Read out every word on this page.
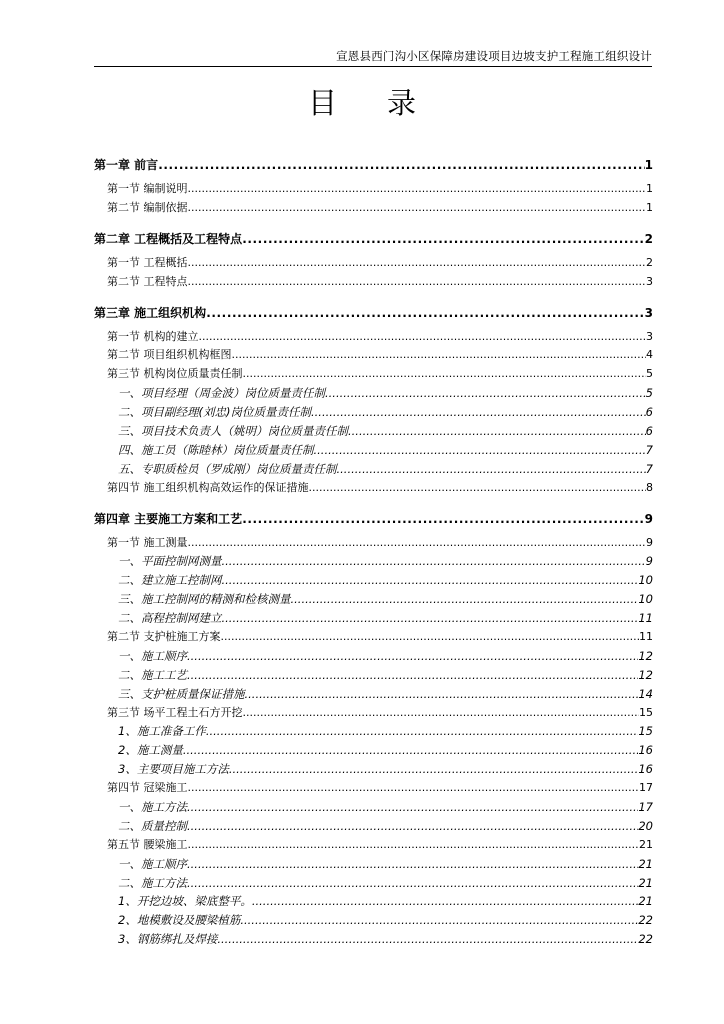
宣恩县西门沟小区保障房建设项目边坡支护工程施工组织设计
目 录
第一章 前言 .....	1
第一节 编制说明 .....	1
第二节 编制依据 .....	1
第二章 工程概括及工程特点 .....	2
第一节 工程概括 .....	2
第二节 工程特点 .....	3
第三章 施工组织机构 .....	3
第一节 机构的建立 .....	3
第二节 项目组织机构框图 .....	4
第三节 机构岗位质量责任制 .....	5
一、项目经理（周金波）岗位质量责任制 .....	5
二、项目副经理(刘忠)岗位质量责任制 .....	6
三、项目技术负责人（姚明）岗位质量责任制 .....	6
四、施工员（陈睦林）岗位质量责任制 .....	7
五、专职质检员（罗成刚）岗位质量责任制 .....	7
第四节 施工组织机构高效运作的保证措施 .....	8
第四章 主要施工方案和工艺 .....	9
第一节 施工测量 .....	9
一、平面控制网测量 .....	9
二、建立施工控制网 .....	10
三、施工控制网的精测和检核测量 .....	10
二、高程控制网建立 .....	11
第二节 支护桩施工方案 .....	11
一、施工顺序 .....	12
二、施工工艺 .....	12
三、支护桩质量保证措施 .....	14
第三节 场平工程土石方开挖 .....	15
1、施工准备工作 .....	15
2、施工测量 .....	16
3、主要项目施工方法 .....	16
第四节 冠梁施工 .....	17
一、施工方法 .....	17
二、质量控制 .....	20
第五节 腰梁施工 .....	21
一、施工顺序 .....	21
二、施工方法 .....	21
1、开挖边坡、梁底整平。 .....	21
2、地模敷设及腰梁植筋 .....	22
3、钢筋绑扎及焊接 .....	22
